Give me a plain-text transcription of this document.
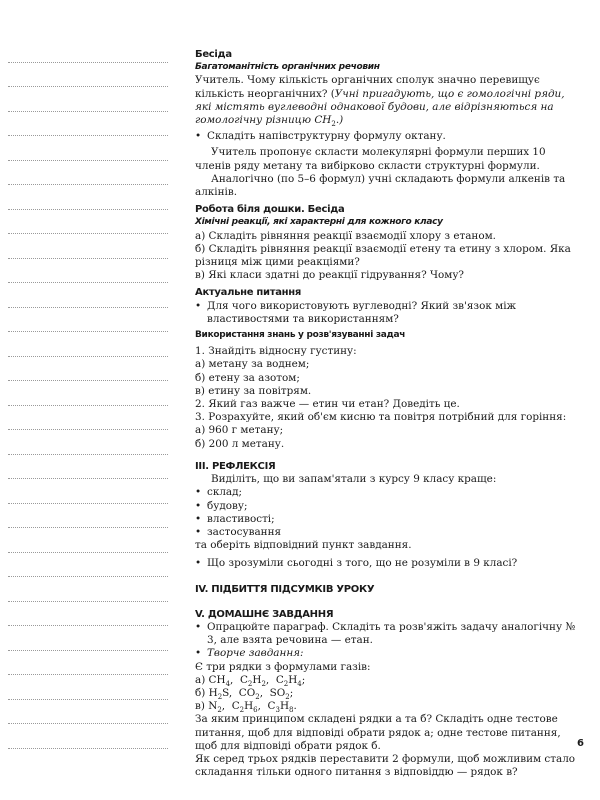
Бесіда

Багатоманітність органічних речовин

Учитель. Чому кількість органічних сполук значно перевищує кількість неорганічних? (Учні пригадують, що є гомологічні ряди, які містять вуглеводні однакової будови, але відрізняються на гомологічну різницю $CH_2$.)

• Складіть напівструктурну формулу октану.

Учитель пропонує скласти молекулярні формули перших 10 членів ряду метану та вибірково скласти структурні формули.

Аналогічно (по 5–6 формул) учні складають формули алкенів та алкінів.

Робота біля дошки. Бесіда

Хімічні реакції, які характерні для кожного класу

а) Складіть рівняння реакції взаємодії хлору з етаном.

б) Складіть рівняння реакції взаємодії етену та етину з хлором. Яка різниця між цими реакціями?

в) Які класи здатні до реакції гідрування? Чому?

Актуальне питання

• Для чого використовують вуглеводні? Який зв'язок між властивостями та використанням?

Використання знань у розв'язуванні задач

1. Знайдіть відносну густину:

а) метану за воднем;

б) етену за азотом;

в) етину за повітрям.

2. Який газ важче — етин чи етан? Доведіть це.

3. Розрахуйте, який об'єм кисню та повітря потрібний для горіння:

а) 960 г метану;

б) 200 л метану.

III. РЕФЛЕКСІЯ

Виділіть, що ви запам'ятали з курсу 9 класу краще:

• склад;

• будову;

• властивості;

• застосування

та оберіть відповідний пункт завдання.

• Що зрозуміли сьогодні з того, що не розуміли в 9 класі?

IV. ПІДБИТТЯ ПІДСУМКІВ УРОКУ

V. ДОМАШНЄ ЗАВДАННЯ

• Опрацюйте параграф. Складіть та розв'яжіть задачу аналогічну № 3, але взята речовина — етан.

• Творче завдання:

Є три рядки з формулами газів:

а) $CH_4$,  $C_2H_2$,  $C_2H_4$;

б) $H_2S$,  $CO_2$,  $SO_2$;

в) $N_2$,  $C_2H_6$,  $C_3H_8$.

За яким принципом складені рядки а та б? Складіть одне тестове питання, щоб для відповіді обрати рядок а; одне тестове питання, щоб для відповіді обрати рядок б.

Як серед трьох рядків переставити 2 формули, щоб можливим стало складання тільки одного питання з відповіддю — рядок в?

6
